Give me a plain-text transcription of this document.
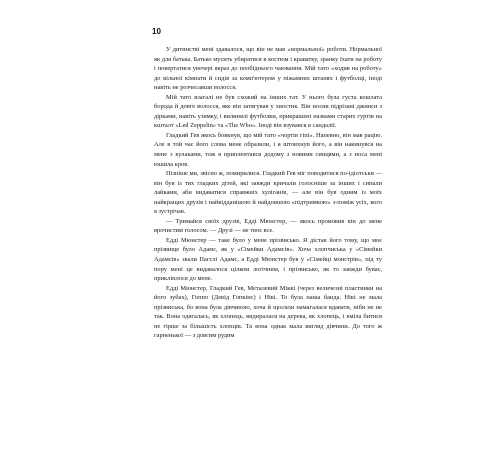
10

У дитинстві мені здавалося, що він не мав «нормальної» роботи. Нормальної як для батька. Батько мусить убиратися в костюм і краватку, зранку їхати на роботу і повертатися увечері якраз до пообіднього чаювання. Мій тато «ходив на роботу» до вільної кімнати й сидів за комп'ютером у піжамних штанях і футболці, іноді навіть не розчесавши волосся.

Мій тато взагалі не був схожий на інших тат. У нього була густа кошлата борода й довге волосся, яке він затягував у хвостик. Він носив підрізані джинси з дірками, навіть узимку, і вилинялі футболки, прикрашені назвами старих гуртів на кшталт «Led Zeppelin» та «The Who». Іноді він взувався в сандалії.

Гладкий Гев якось бовкнув, що мій тато «чортів гіпі». Напевно, він мав рацію. Але в той час його слова мене образили, і я штовхнув його, а він накинувся на мене з кулаками, тож я приплентався додому з новими синцями, а з носа мені юшила кров.

Пізніше ми, звісно ж, помирилися. Гладкий Гев міг поводитися по-ідіотськи — він був із тих гладких дітей, які завжди кричали голосніше за інших і сипали лайками, аби видаватися справжніх хуліганів, — але він був одним із моїх найкращих друзів і найвідданішою й найдовшою «підтримкою» з-поміж усіх, кого я зустрічав.

— Тримайся своїх друзів, Едді Мюнстер, — якось промовив він до мене врочистим голосом. — Друзі — не твоє все.

Едді Мюнстер — таке було у мене прізвисько. Я дістав його тому, що моє прізвище було Адамс, як у «Сімейки Адамсів». Хоча хлопчиська у «Сімейки Адамсів» звали Пагслі Адамс, а Едді Мюнстер був у «Сімейці монстрів», під ту пору мені це видавалося цілком логічним, і прізвисько, як то завжди буває, прикліплося до мене.

Едді Мюнстер, Гладкий Гев, Металевий Міккі (через величезні пластинки на його зубах), Гоппо (Девід Гопкінс) і Нікі. То була наша банда. Нікі не мала прізвиська, бо вона була дівчиною, хоча й щосили намагалася вдавати, ніби не не так. Вона одягалась, як хлопець, видиралася на дерева, як хлопець, і вміла битися не гірше за більшість хлопців. Та вона однак мала вигляд дівчини. До того ж гарненької — з довгим рудим
